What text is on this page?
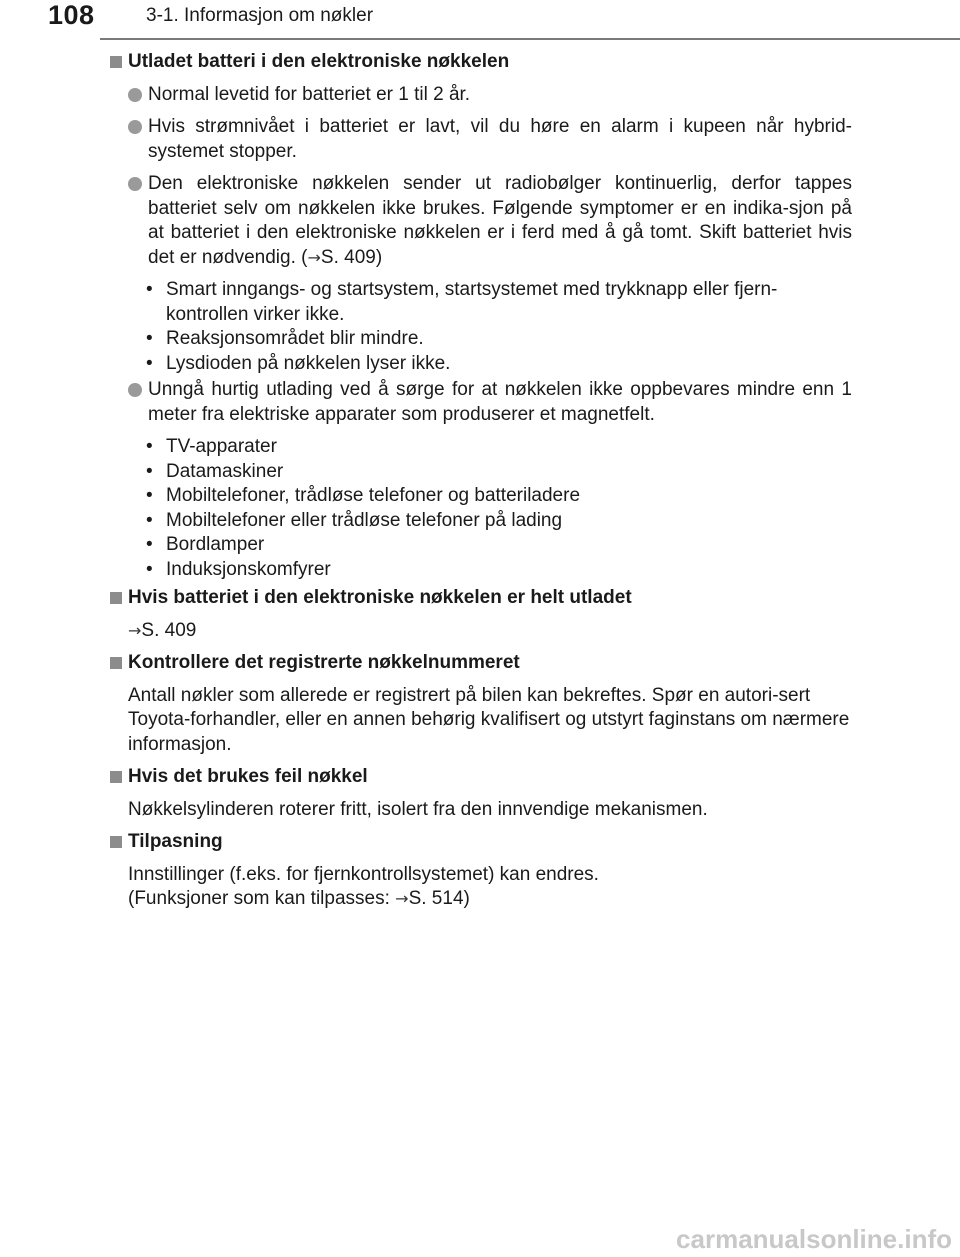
108	3-1. Informasjon om nøkler
Utladet batteri i den elektroniske nøkkelen
Normal levetid for batteriet er 1 til 2 år.
Hvis strømnivået i batteriet er lavt, vil du høre en alarm i kupeen når hybrid-systemet stopper.
Den elektroniske nøkkelen sender ut radiobølger kontinuerlig, derfor tappes batteriet selv om nøkkelen ikke brukes. Følgende symptomer er en indika-sjon på at batteriet i den elektroniske nøkkelen er i ferd med å gå tomt. Skift batteriet hvis det er nødvendig. (→S. 409)
• Smart inngangs- og startsystem, startsystemet med trykknapp eller fjern-kontrollen virker ikke.
• Reaksjonsområdet blir mindre.
• Lysdioden på nøkkelen lyser ikke.
Unngå hurtig utlading ved å sørge for at nøkkelen ikke oppbevares mindre enn 1 meter fra elektriske apparater som produserer et magnetfelt.
• TV-apparater
• Datamaskiner
• Mobiltelefoner, trådløse telefoner og batteriladere
• Mobiltelefoner eller trådløse telefoner på lading
• Bordlamper
• Induksjonskomfyrer
Hvis batteriet i den elektroniske nøkkelen er helt utladet
→S. 409
Kontrollere det registrerte nøkkelnummeret
Antall nøkler som allerede er registrert på bilen kan bekreftes. Spør en autori-sert Toyota-forhandler, eller en annen behørig kvalifisert og utstyrt faginstans om nærmere informasjon.
Hvis det brukes feil nøkkel
Nøkkelsylinderen roterer fritt, isolert fra den innvendige mekanismen.
Tilpasning
Innstillinger (f.eks. for fjernkontrollsystemet) kan endres.
(Funksjoner som kan tilpasses: →S. 514)
carmanualsonline.info
